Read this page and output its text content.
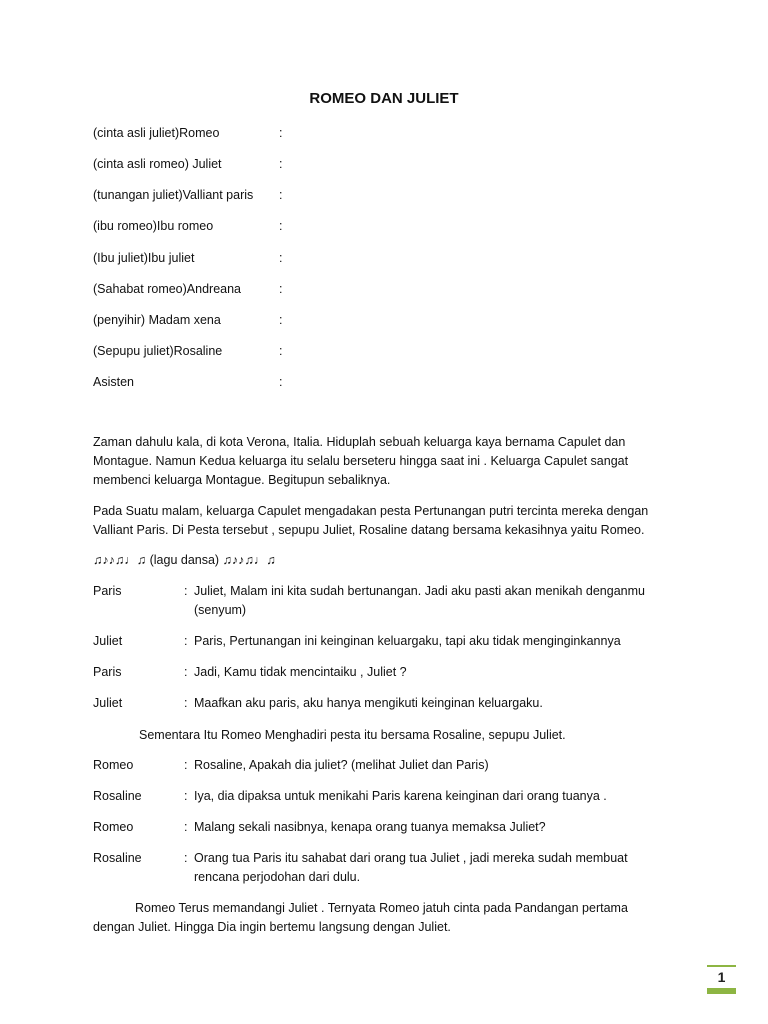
ROMEO DAN JULIET
(cinta asli juliet)Romeo	:
(cinta asli romeo) Juliet	:
(tunangan juliet)Valliant paris :
(ibu romeo)Ibu romeo	:
(Ibu juliet)Ibu juliet	:
(Sahabat romeo)Andreana	:
(penyihir) Madam xena	:
(Sepupu juliet)Rosaline	:
Asisten	:
Zaman dahulu kala, di kota Verona, Italia. Hiduplah sebuah keluarga kaya bernama Capulet dan Montague. Namun Kedua keluarga itu selalu berseteru hingga saat ini . Keluarga Capulet sangat membenci keluarga Montague. Begitupun sebaliknya.
Pada Suatu malam, keluarga Capulet mengadakan pesta Pertunangan putri tercinta mereka dengan Valliant Paris. Di Pesta tersebut , sepupu Juliet, Rosaline datang bersama kekasihnya yaitu Romeo.
♫♪♪♫♩♫ (lagu dansa) ♫♪♪♫♩♫
Paris	: Juliet, Malam ini kita sudah bertunangan. Jadi aku pasti akan menikah denganmu (senyum)
Juliet	: Paris, Pertunangan ini keinginan keluargaku, tapi aku tidak menginginkannya
Paris	: Jadi, Kamu tidak mencintaiku , Juliet ?
Juliet	: Maafkan aku paris, aku hanya mengikuti keinginan keluargaku.
Sementara Itu Romeo Menghadiri pesta itu bersama Rosaline, sepupu Juliet.
Romeo	: Rosaline, Apakah dia juliet? (melihat Juliet dan Paris)
Rosaline	: Iya, dia dipaksa untuk menikahi Paris karena keinginan dari orang tuanya .
Romeo	: Malang sekali nasibnya, kenapa orang tuanya memaksa Juliet?
Rosaline	: Orang tua Paris itu sahabat dari orang tua Juliet , jadi mereka sudah membuat rencana perjodohan dari dulu.
Romeo Terus memandangi Juliet . Ternyata Romeo jatuh cinta pada Pandangan pertama dengan Juliet. Hingga Dia ingin bertemu langsung dengan Juliet.
1
